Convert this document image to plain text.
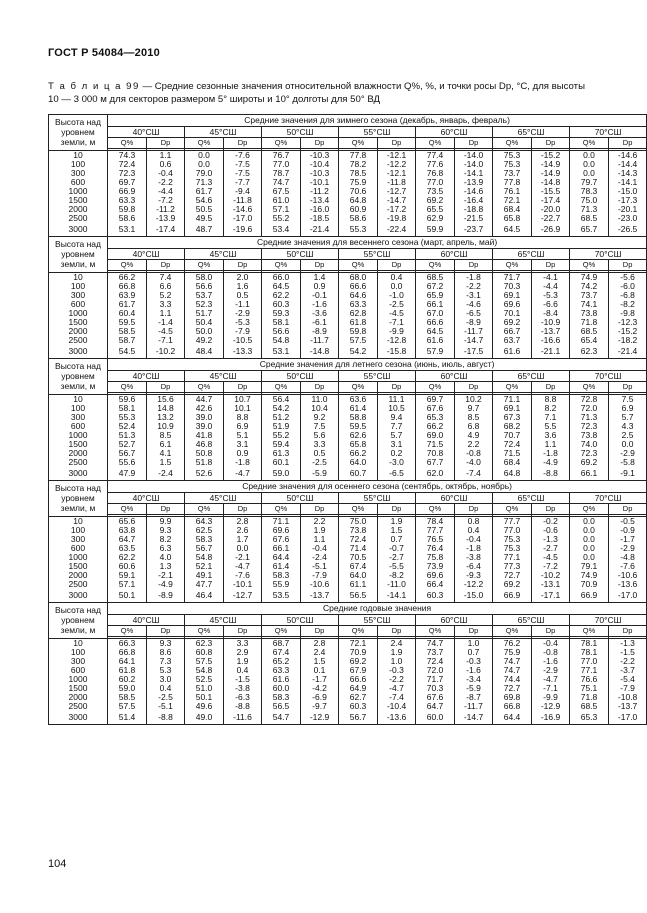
ГОСТ Р 54084—2010
Т а б л и ц а 99 — Средние сезонные значения относительной влажности Q%, %, и точки росы Dp, °С, для высоты 10 — 3 000 м для секторов размером 5° широты и 10° долготы для 50° ВД
Высота над уровнем земли, м	Средние значения для зимнего сезона (декабрь, январь, февраль)													
	40°СШ		45°СШ		50°СШ		55°СШ		60°СШ		65°СШ		70°СШ	
	Q%	Dp	Q%	Dp	Q%	Dp	Q%	Dp	Q%	Dp	Q%	Dp	Q%	Dp

10	74.3	1.1	0.0	-7.6	76.7	-10.3	77.8	-12.1	77.4	-14.0	75.3	-15.2	0.0	-14.6
100	72.4	0.6	0.0	-7.5	77.0	-10.4	78.2	-12.2	77.6	-14.0	75.3	-14.9	0.0	-14.4
300	72.3	-0.4	79.0	-7.5	78.7	-10.3	78.5	-12.1	76.8	-14.1	73.7	-14.9	0.0	-14.3
600	69.7	-2.2	71.3	-7.7	74.7	-10.1	75.9	-11.8	77.0	-13.9	77.8	-14.8	79.7	-14.1
1000	66.9	-4.4	61.7	-9.4	67.5	-11.2	70.6	-12.7	73.5	-14.6	76.1	-15.5	78.3	-15.0
1500	63.3	-7.2	54.6	-11.8	61.0	-13.4	64.8	-14.7	69.2	-16.4	72.1	-17.4	75.0	-17.3
2000	59.8	-11.2	50.5	-14.6	57.1	-16.0	60.9	-17.2	65.5	-18.8	68.4	-20.0	71.3	-20.1
2500	58.6	-13.9	49.5	-17.0	55.2	-18.5	58.6	-19.8	62.9	-21.5	65.8	-22.7	68.5	-23.0
3000	53.1	-17.4	48.7	-19.6	53.4	-21.4	55.3	-22.4	59.9	-23.7	64.5	-26.9	65.7	-26.5
Высота над уровнем земли, м	Средние значения для весеннего сезона (март, апрель, май)													
	40°СШ		45°СШ		50°СШ		55°СШ		60°СШ		65°СШ		70°СШ	
	Q%	Dp	Q%	Dp	Q%	Dp	Q%	Dp	Q%	Dp	Q%	Dp	Q%	Dp

10	66.2	7.4	58.0	2.0	66.0	1.4	68.0	0.4	68.5	-1.8	71.7	-4.1	74.9	-5.6
100	66.8	6.6	56.6	1.6	64.5	0.9	66.6	0.0	67.2	-2.2	70.3	-4.4	74.2	-6.0
300	63.9	5.2	53.7	0.5	62.2	-0.1	64.6	-1.0	65.9	-3.1	69.1	-5.3	73.7	-6.8
600	61.7	3.3	52.3	-1.1	60.3	-1.6	63.3	-2.5	66.1	-4.6	69.6	-6.6	74.1	-8.2
1000	60.4	1.1	51.7	-2.9	59.3	-3.6	62.8	-4.5	67.0	-6.5	70.1	-8.4	73.8	-9.8
1500	59.5	-1.4	50.4	-5.3	58.1	-6.1	61.8	-7.1	66.6	-8.9	69.2	-10.9	71.8	-12.3
2000	58.5	-4.5	50.0	-7.9	56.6	-8.9	59.8	-9.9	64.5	-11.7	66.7	-13.7	68.5	-15.2
2500	58.7	-7.1	49.2	-10.5	54.8	-11.7	57.5	-12.8	61.6	-14.7	63.7	-16.6	65.4	-18.2
3000	54.5	-10.2	48.4	-13.3	53.1	-14.8	54.2	-15.8	57.9	-17.5	61.6	-21.1	62.3	-21.4
Высота над уровнем земли, м	Средние значения для летнего сезона (июнь, июль, август)													
	40°СШ		45°СШ		50°СШ		55°СШ		60°СШ		65°СШ		70°СШ	
	Q%	Dp	Q%	Dp	Q%	Dp	Q%	Dp	Q%	Dp	Q%	Dp	Q%	Dp

10	59.6	15.6	44.7	10.7	56.4	11.0	63.6	11.1	69.7	10.2	71.1	8.8	72.8	7.5
100	58.1	14.8	42.6	10.1	54.2	10.4	61.4	10.5	67.6	9.7	69.1	8.2	72.0	6.9
300	55.3	13.2	39.0	8.8	51.2	9.2	58.8	9.4	65.3	8.5	67.3	7.1	71.3	5.7
600	52.4	10.9	39.0	6.9	51.9	7.5	59.5	7.7	66.2	6.8	68.2	5.5	72.3	4.3
1000	51.3	8.5	41.8	5.1	55.2	5.6	62.6	5.7	69.0	4.9	70.7	3.6	73.8	2.5
1500	52.7	6.1	46.8	3.1	59.4	3.3	65.8	3.1	71.5	2.2	72.4	1.1	74.0	0.0
2000	56.7	4.1	50.8	0.9	61.3	0.5	66.2	0.2	70.8	-0.8	71.5	-1.8	72.3	-2.9
2500	55.6	1.5	51.8	-1.8	60.1	-2.5	64.0	-3.0	67.7	-4.0	68.4	-4.9	69.2	-5.8
3000	47.9	-2.4	52.6	-4.7	59.0	-5.9	60.7	-6.5	62.0	-7.4	64.8	-8.8	66.1	-9.1
Высота над уровнем земли, м	Средние значения для осеннего сезона (сентябрь, октябрь, ноябрь)													
	40°СШ		45°СШ		50°СШ		55°СШ		60°СШ		65°СШ		70°СШ	
	Q%	Dp	Q%	Dp	Q%	Dp	Q%	Dp	Q%	Dp	Q%	Dp	Q%	Dp

10	65.6	9.9	64.3	2.8	71.1	2.2	75.0	1.9	78.4	0.8	77.7	-0.2	0.0	-0.5
100	63.8	9.3	62.5	2.6	69.6	1.9	73.8	1.5	77.7	0.4	77.0	-0.6	0.0	-0.9
300	64.7	8.2	58.3	1.7	67.6	1.1	72.4	0.7	76.5	-0.4	75.3	-1.3	0.0	-1.7
600	63.5	6.3	56.7	0.0	66.1	-0.4	71.4	-0.7	76.4	-1.8	75.3	-2.7	0.0	-2.9
1000	62.2	4.0	54.8	-2.1	64.4	-2.4	70.5	-2.7	75.8	-3.8	77.1	-4.5	0.0	-4.8
1500	60.6	1.3	52.1	-4.7	61.4	-5.1	67.4	-5.5	73.9	-6.4	77.3	-7.2	79.1	-7.6
2000	59.1	-2.1	49.1	-7.6	58.3	-7.9	64.0	-8.2	69.6	-9.3	72.7	-10.2	74.9	-10.6
2500	57.1	-4.9	47.7	-10.1	55.9	-10.6	61.1	-11.0	66.4	-12.2	69.2	-13.1	70.9	-13.6
3000	50.1	-8.9	46.4	-12.7	53.5	-13.7	56.5	-14.1	60.3	-15.0	66.9	-17.1	66.9	-17.0
Высота над уровнем земли, м	Средние годовые значения													
	40°СШ		45°СШ		50°СШ		55°СШ		60°СШ		65°СШ		70°СШ	
	Q%	Dp	Q%	Dp	Q%	Dp	Q%	Dp	Q%	Dp	Q%	Dp	Q%	Dp

10	66.3	9.3	62.3	3.3	68.7	2.8	72.1	2.4	74.7	1.0	76.2	-0.4	78.1	-1.3
100	66.8	8.6	60.8	2.9	67.4	2.4	70.9	1.9	73.7	0.7	75.9	-0.8	78.1	-1.5
300	64.1	7.3	57.5	1.9	65.2	1.5	69.2	1.0	72.4	-0.3	74.7	-1.6	77.0	-2.2
600	61.8	5.3	54.8	0.4	63.3	0.1	67.9	-0.3	72.0	-1.6	74.7	-2.9	77.1	-3.7
1000	60.2	3.0	52.5	-1.5	61.6	-1.7	66.6	-2.2	71.7	-3.4	74.4	-4.7	76.6	-5.4
1500	59.0	0.4	51.0	-3.8	60.0	-4.2	64.9	-4.7	70.3	-5.9	72.7	-7.1	75.1	-7.9
2000	58.5	-2.5	50.1	-6.3	58.3	-6.9	62.7	-7.4	67.6	-8.7	69.8	-9.9	71.8	-10.8
2500	57.5	-5.1	49.6	-8.8	56.5	-9.7	60.3	-10.4	64.7	-11.7	66.8	-12.9	68.5	-13.7
3000	51.4	-8.8	49.0	-11.6	54.7	-12.9	56.7	-13.6	60.0	-14.7	64.4	-16.9	65.3	-17.0
104
